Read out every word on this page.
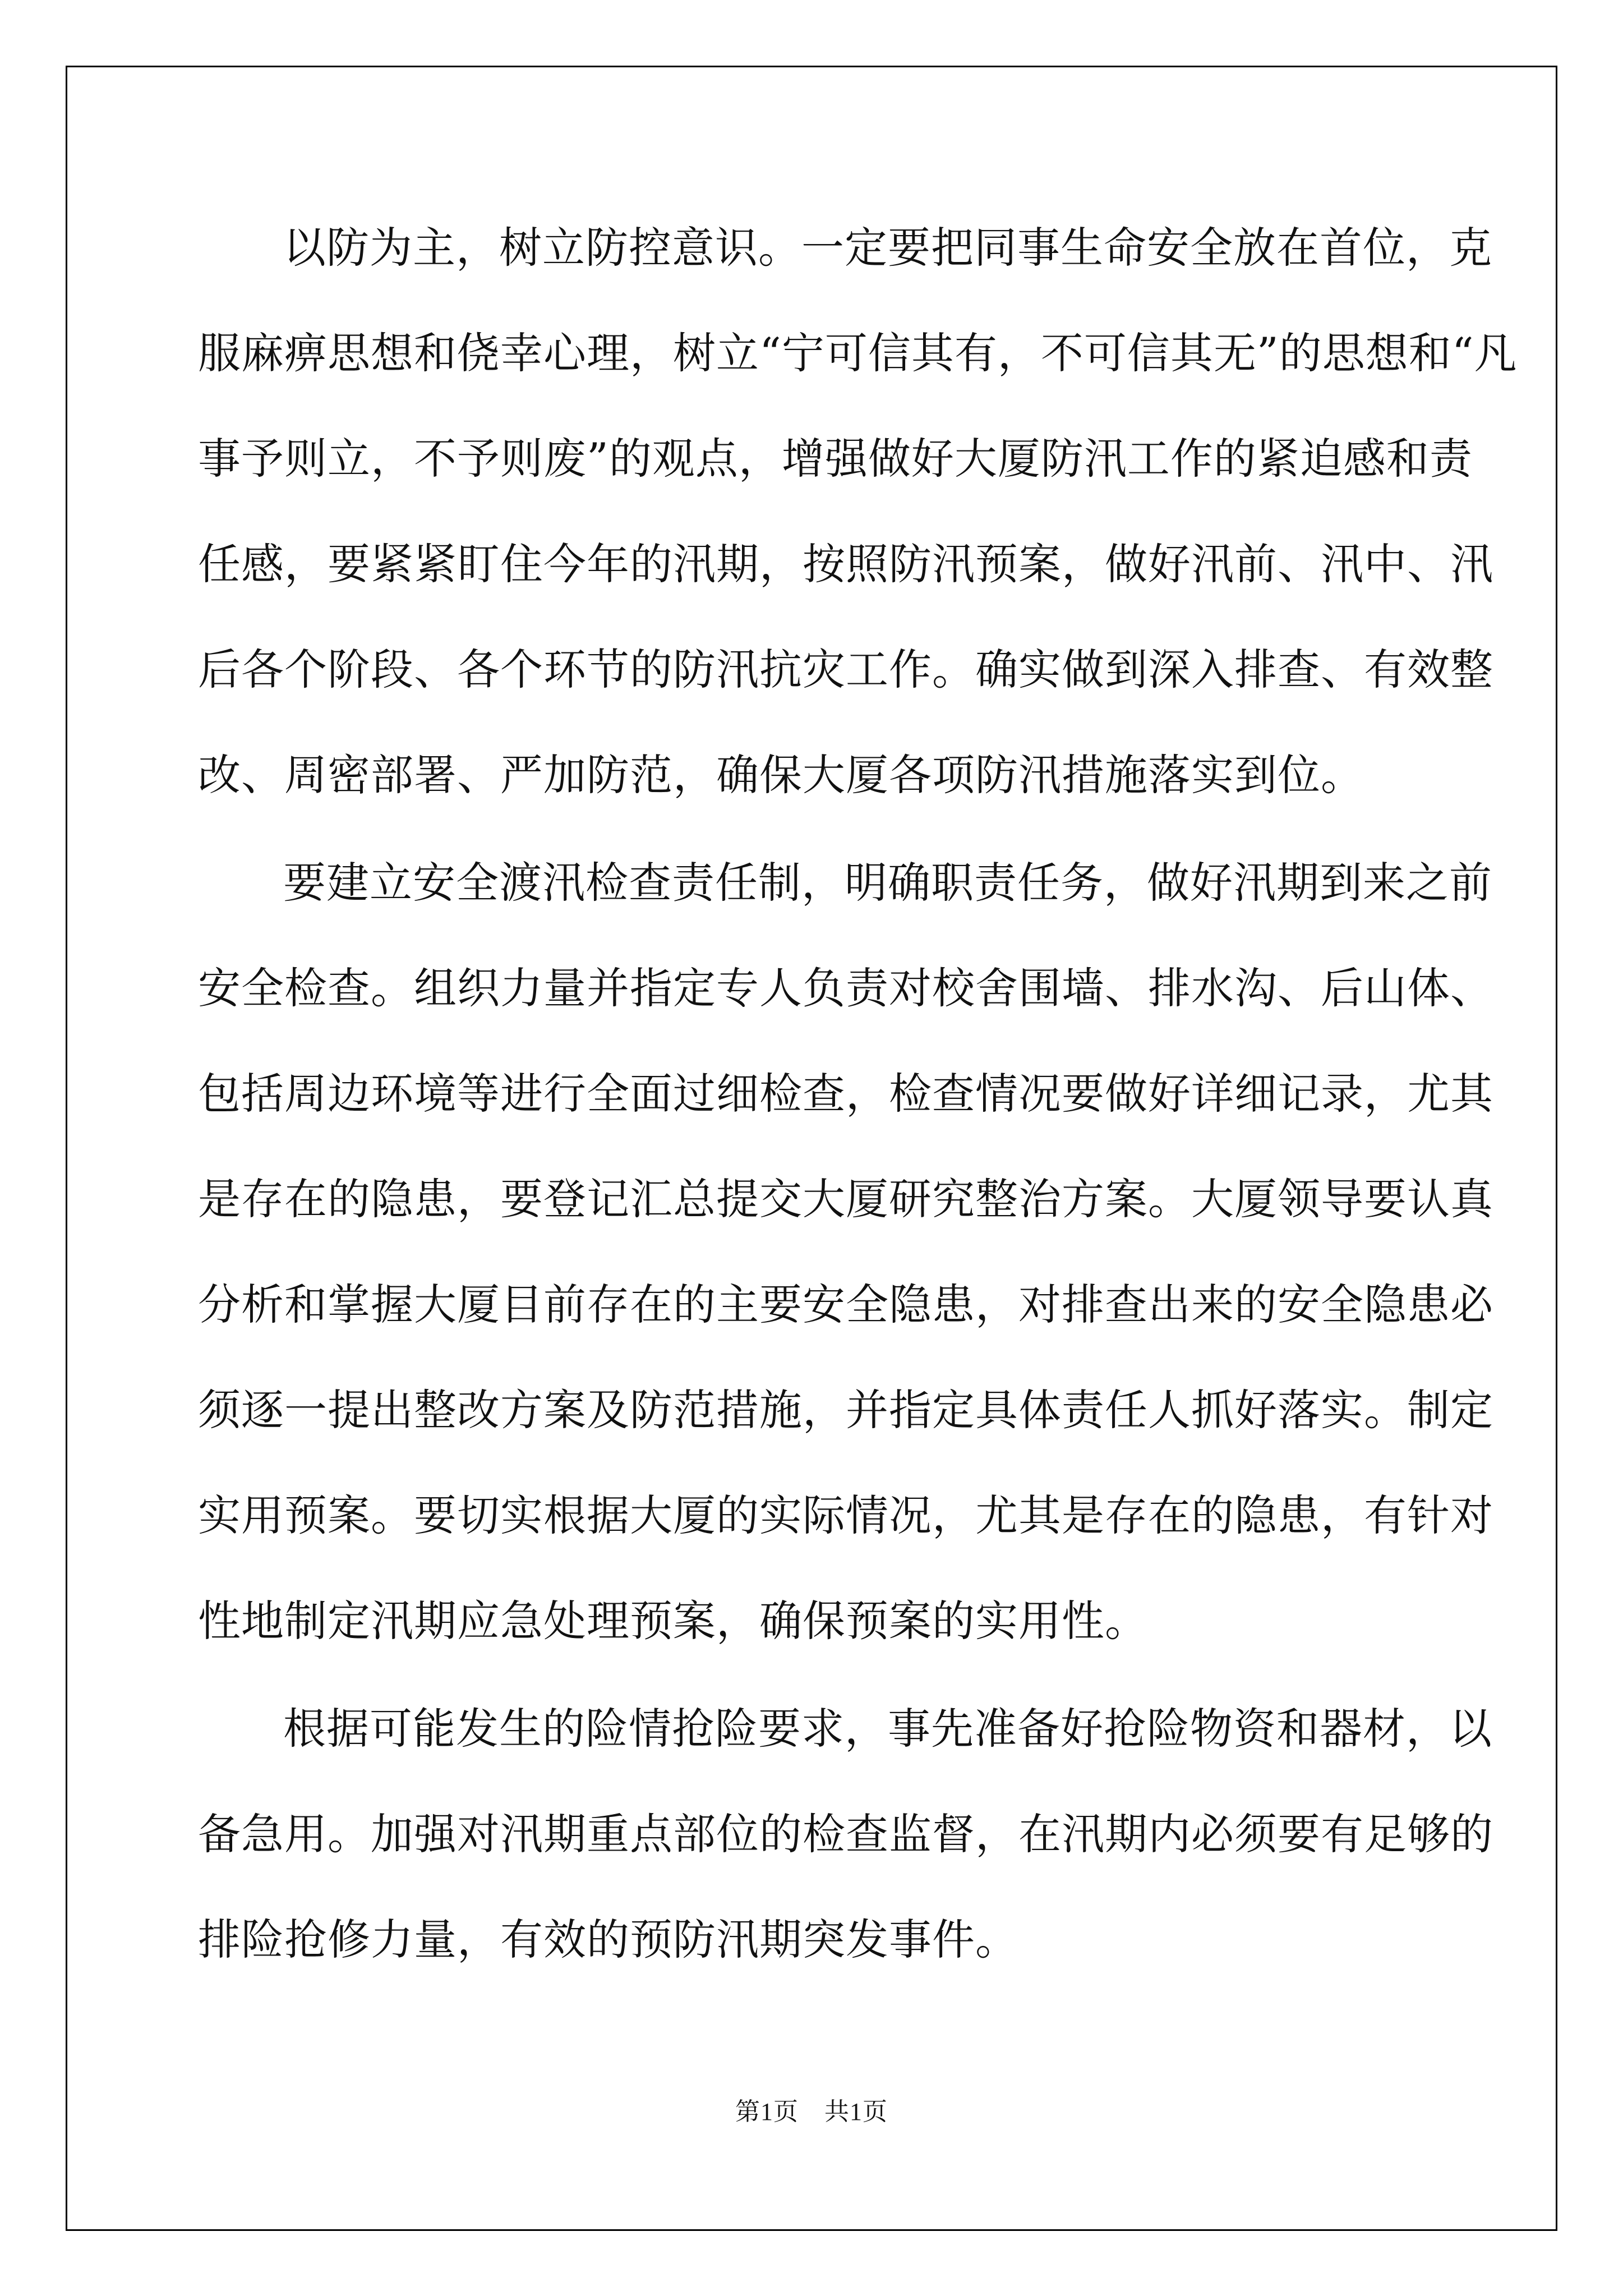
以防为主，树立防控意识。一定要把同事生命安全放在首位，克
服麻痹思想和侥幸心理，树立“宁可信其有，不可信其无”的思想和“凡
事予则立，不予则废”的观点，增强做好大厦防汛工作的紧迫感和责
任感，要紧紧盯住今年的汛期，按照防汛预案，做好汛前、汛中、汛
后各个阶段、各个环节的防汛抗灾工作。确实做到深入排查、有效整
改、周密部署、严加防范，确保大厦各项防汛措施落实到位。
要建立安全渡汛检查责任制，明确职责任务，做好汛期到来之前
安全检查。组织力量并指定专人负责对校舍围墙、排水沟、后山体、
包括周边环境等进行全面过细检查，检查情况要做好详细记录，尤其
是存在的隐患，要登记汇总提交大厦研究整治方案。大厦领导要认真
分析和掌握大厦目前存在的主要安全隐患，对排查出来的安全隐患必
须逐一提出整改方案及防范措施，并指定具体责任人抓好落实。制定
实用预案。要切实根据大厦的实际情况，尤其是存在的隐患，有针对
性地制定汛期应急处理预案，确保预案的实用性。
根据可能发生的险情抢险要求，事先准备好抢险物资和器材，以
备急用。加强对汛期重点部位的检查监督，在汛期内必须要有足够的
排险抢修力量，有效的预防汛期突发事件。
第1页 共1页
